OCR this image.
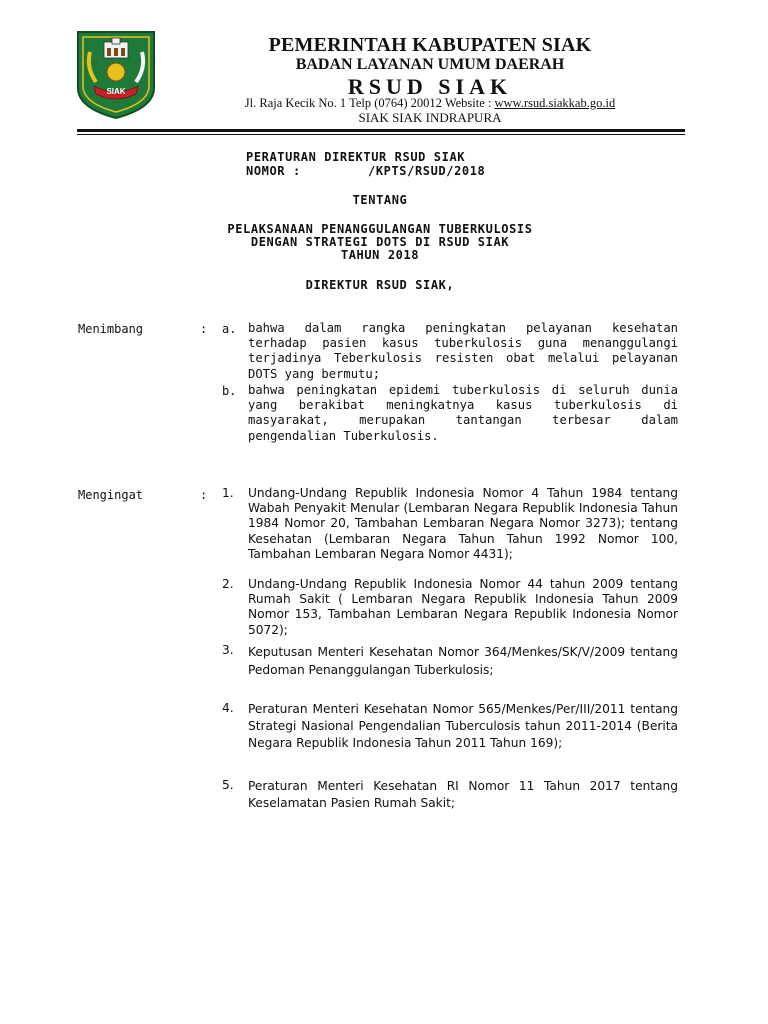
SIAK
PEMERINTAH KABUPATEN SIAK
BADAN LAYANAN UMUM DAERAH
RSUD SIAK
Jl. Raja Kecik No. 1 Telp (0764) 20012 Website : www.rsud.siakkab.go.id
SIAK SIAK INDRAPURA
PERATURAN DIREKTUR RSUD SIAK
NOMOR :	/KPTS/RSUD/2018
TENTANG
PELAKSANAAN PENANGGULANGAN TUBERKULOSIS
DENGAN STRATEGI DOTS DI RSUD SIAK
TAHUN 2018
DIREKTUR RSUD SIAK,
Menimbang	: a. bahwa dalam rangka peningkatan pelayanan kesehatan terhadap pasien kasus tuberkulosis guna menanggulangi terjadinya Teberkulosis resisten obat melalui pelayanan DOTS yang bermutu;
b. bahwa peningkatan epidemi tuberkulosis di seluruh dunia yang berakibat meningkatnya kasus tuberkulosis di masyarakat, merupakan tantangan terbesar dalam pengendalian Tuberkulosis.
Mengingat	: 1.	Undang-Undang Republik Indonesia Nomor 4 Tahun 1984 tentang Wabah Penyakit Menular (Lembaran Negara Republik Indonesia Tahun 1984 Nomor 20, Tambahan Lembaran Negara Nomor 3273); tentang Kesehatan (Lembaran Negara Tahun Tahun 1992 Nomor 100, Tambahan Lembaran Negara Nomor 4431);
2.	Undang-Undang Republik Indonesia Nomor 44 tahun 2009 tentang Rumah Sakit ( Lembaran Negara Republik Indonesia Tahun 2009 Nomor 153, Tambahan Lembaran Negara Republik Indonesia Nomor 5072);
3.	Keputusan Menteri Kesehatan Nomor 364/Menkes/SK/V/2009 tentang Pedoman Penanggulangan Tuberkulosis;
4.	Peraturan Menteri Kesehatan Nomor 565/Menkes/Per/III/2011 tentang Strategi Nasional Pengendalian Tuberculosis tahun 2011-2014 (Berita Negara Republik Indonesia Tahun 2011 Tahun 169);
5.	Peraturan Menteri Kesehatan RI Nomor 11 Tahun 2017 tentang Keselamatan Pasien Rumah Sakit;
